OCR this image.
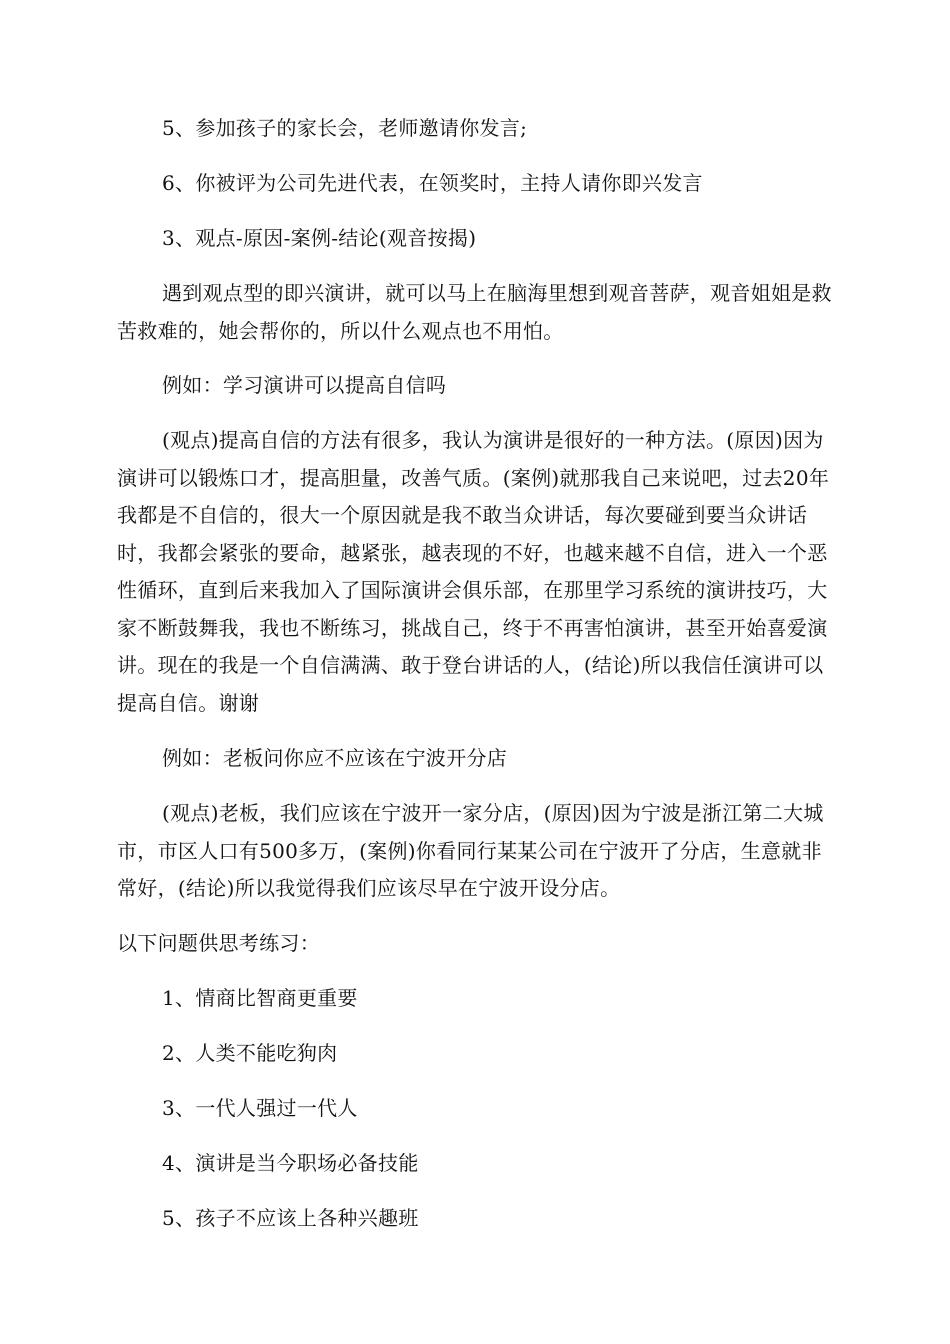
5、参加孩子的家长会，老师邀请你发言;

6、你被评为公司先进代表，在领奖时，主持人请你即兴发言

3、观点-原因-案例-结论(观音按揭)

遇到观点型的即兴演讲，就可以马上在脑海里想到观音菩萨，观音姐姐是救苦救难的，她会帮你的，所以什么观点也不用怕。

例如：学习演讲可以提高自信吗

(观点)提高自信的方法有很多，我认为演讲是很好的一种方法。(原因)因为演讲可以锻炼口才，提高胆量，改善气质。(案例)就那我自己来说吧，过去20年我都是不自信的，很大一个原因就是我不敢当众讲话，每次要碰到要当众讲话时，我都会紧张的要命，越紧张，越表现的不好，也越来越不自信，进入一个恶性循环，直到后来我加入了国际演讲会俱乐部，在那里学习系统的演讲技巧，大家不断鼓舞我，我也不断练习，挑战自己，终于不再害怕演讲，甚至开始喜爱演讲。现在的我是一个自信满满、敢于登台讲话的人，(结论)所以我信任演讲可以提高自信。谢谢

例如：老板问你应不应该在宁波开分店

(观点)老板，我们应该在宁波开一家分店，(原因)因为宁波是浙江第二大城市，市区人口有500多万，(案例)你看同行某某公司在宁波开了分店，生意就非常好，(结论)所以我觉得我们应该尽早在宁波开设分店。

以下问题供思考练习：

1、情商比智商更重要

2、人类不能吃狗肉

3、一代人强过一代人

4、演讲是当今职场必备技能

5、孩子不应该上各种兴趣班
